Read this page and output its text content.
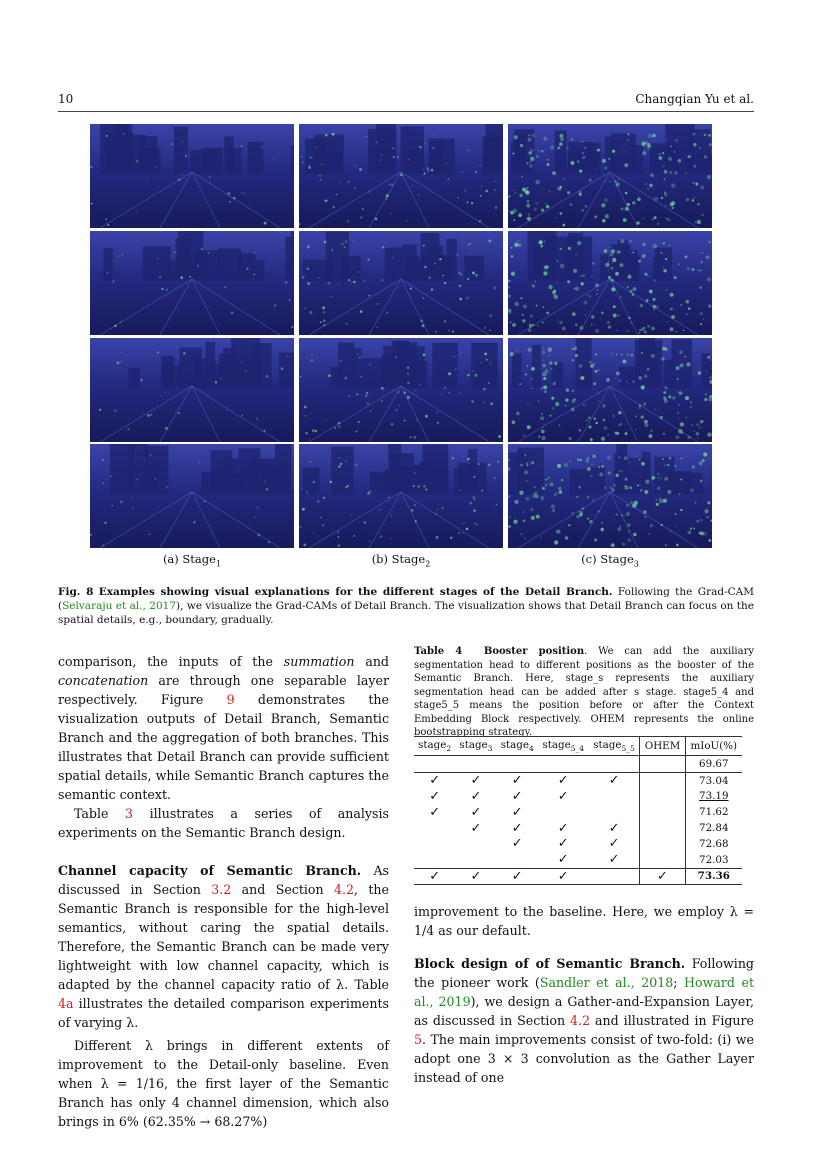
10	Changqian Yu et al.
(a) Stage$_1$	(b) Stage$_2$	(c) Stage$_3$
Fig. 8 Examples showing visual explanations for the different stages of the Detail Branch. Following the Grad-CAM (Selvaraju et al., 2017), we visualize the Grad-CAMs of Detail Branch. The visualization shows that Detail Branch can focus on the spatial details, e.g., boundary, gradually.

comparison, the inputs of the summation and concatenation are through one separable layer respectively. Figure 9 demonstrates the visualization outputs of Detail Branch, Semantic Branch and the aggregation of both branches. This illustrates that Detail Branch can provide sufficient spatial details, while Semantic Branch captures the semantic context.

Table 3 illustrates a series of analysis experiments on the Semantic Branch design.

Channel capacity of Semantic Branch. As discussed in Section 3.2 and Section 4.2, the Semantic Branch is responsible for the high-level semantics, without caring the spatial details. Therefore, the Semantic Branch can be made very lightweight with low channel capacity, which is adapted by the channel capacity ratio of λ. Table 4a illustrates the detailed comparison experiments of varying λ.

Different λ brings in different extents of improvement to the Detail-only baseline. Even when λ = 1/16, the first layer of the Semantic Branch has only 4 channel dimension, which also brings in 6% (62.35% → 68.27%)

Table 4 Booster position. We can add the auxiliary segmentation head to different positions as the booster of the Semantic Branch. Here, stage_s represents the auxiliary segmentation head can be added after s stage. stage5_4 and stage5_5 means the position before or after the Context Embedding Block respectively. OHEM represents the online bootstrapping strategy.
stage$_2$	stage$_3$	stage$_4$	stage$_{5\_4}$	stage$_{5\_5}$	OHEM	mIoU(%)
						69.67
✓	✓	✓	✓	✓		73.04
✓	✓	✓	✓			73.19
✓	✓	✓				71.62
	✓	✓	✓	✓		72.84
		✓	✓	✓		72.68
			✓	✓		72.03
✓	✓	✓	✓		✓	73.36

improvement to the baseline. Here, we employ λ = 1/4 as our default.

Block design of of Semantic Branch. Following the pioneer work (Sandler et al., 2018; Howard et al., 2019), we design a Gather-and-Expansion Layer, as discussed in Section 4.2 and illustrated in Figure 5. The main improvements consist of two-fold: (i) we adopt one 3 × 3 convolution as the Gather Layer instead of one
